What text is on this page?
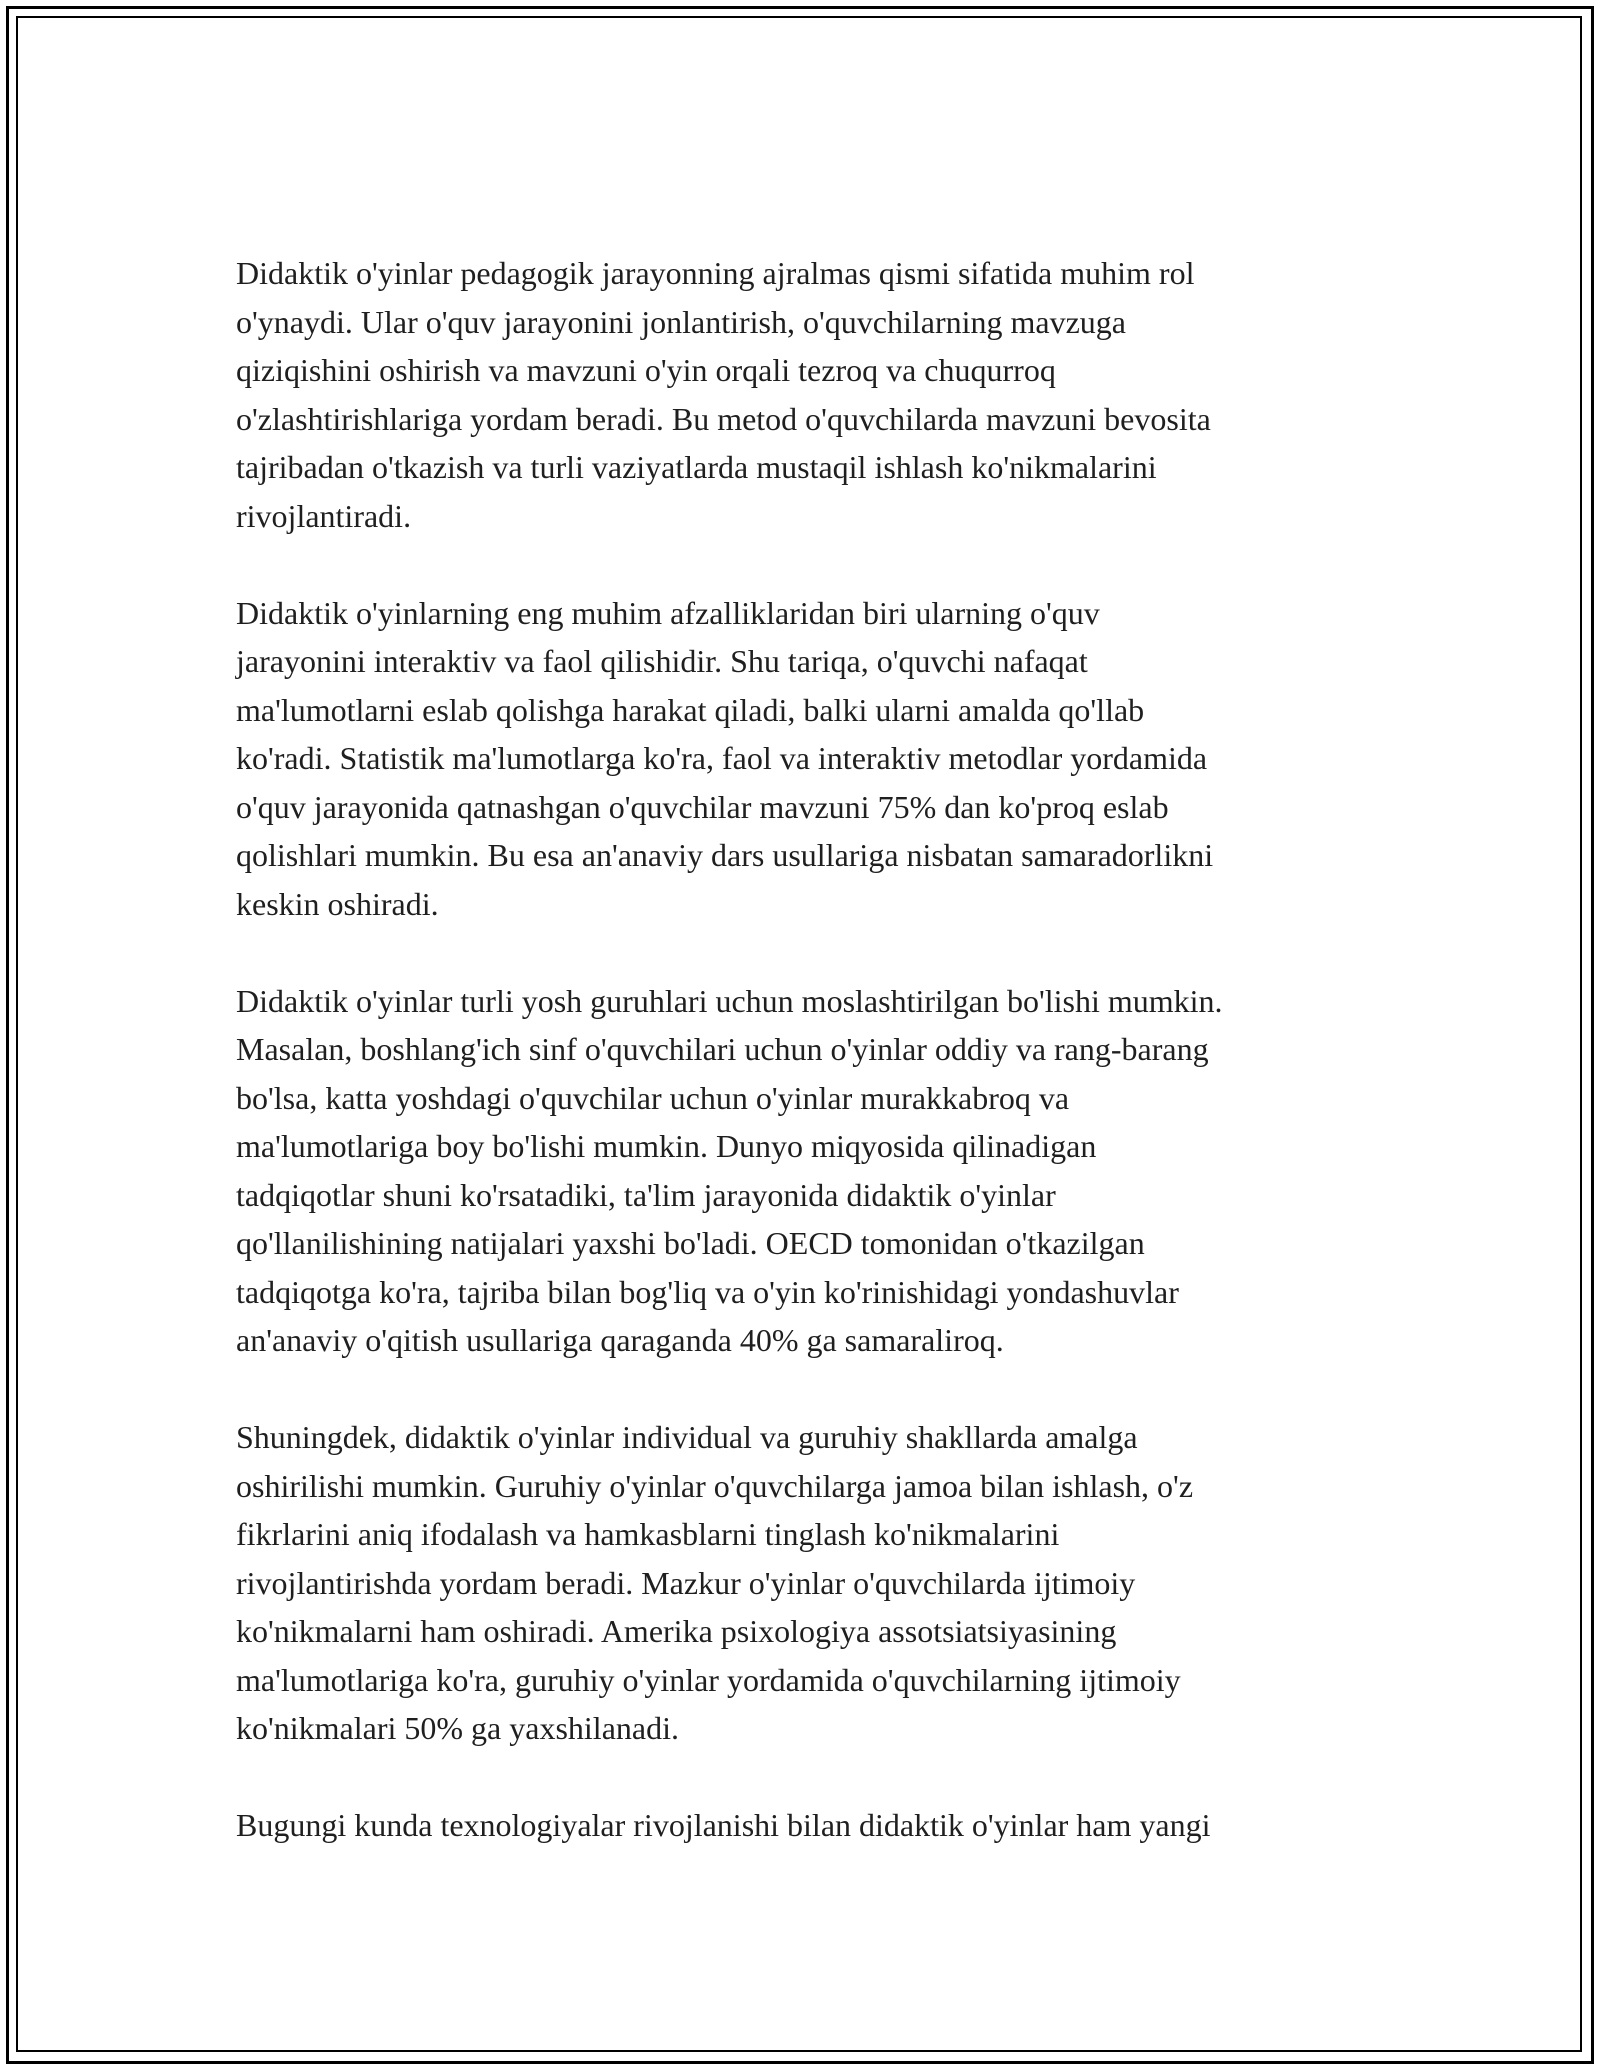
Didaktik o'yinlar pedagogik jarayonning ajralmas qismi sifatida muhim rol
o'ynaydi. Ular o'quv jarayonini jonlantirish, o'quvchilarning mavzuga
qiziqishini oshirish va mavzuni o'yin orqali tezroq va chuqurroq
o'zlashtirishlariga yordam beradi. Bu metod o'quvchilarda mavzuni bevosita
tajribadan o'tkazish va turli vaziyatlarda mustaqil ishlash ko'nikmalarini
rivojlantiradi.

Didaktik o'yinlarning eng muhim afzalliklaridan biri ularning o'quv
jarayonini interaktiv va faol qilishidir. Shu tariqa, o'quvchi nafaqat
ma'lumotlarni eslab qolishga harakat qiladi, balki ularni amalda qo'llab
ko'radi. Statistik ma'lumotlarga ko'ra, faol va interaktiv metodlar yordamida
o'quv jarayonida qatnashgan o'quvchilar mavzuni 75% dan ko'proq eslab
qolishlari mumkin. Bu esa an'anaviy dars usullariga nisbatan samaradorlikni
keskin oshiradi.

Didaktik o'yinlar turli yosh guruhlari uchun moslashtirilgan bo'lishi mumkin.
Masalan, boshlang'ich sinf o'quvchilari uchun o'yinlar oddiy va rang-barang
bo'lsa, katta yoshdagi o'quvchilar uchun o'yinlar murakkabroq va
ma'lumotlariga boy bo'lishi mumkin. Dunyo miqyosida qilinadigan
tadqiqotlar shuni ko'rsatadiki, ta'lim jarayonida didaktik o'yinlar
qo'llanilishining natijalari yaxshi bo'ladi. OECD tomonidan o'tkazilgan
tadqiqotga ko'ra, tajriba bilan bog'liq va o'yin ko'rinishidagi yondashuvlar
an'anaviy o'qitish usullariga qaraganda 40% ga samaraliroq.

Shuningdek, didaktik o'yinlar individual va guruhiy shakllarda amalga
oshirilishi mumkin. Guruhiy o'yinlar o'quvchilarga jamoa bilan ishlash, o'z
fikrlarini aniq ifodalash va hamkasblarni tinglash ko'nikmalarini
rivojlantirishda yordam beradi. Mazkur o'yinlar o'quvchilarda ijtimoiy
ko'nikmalarni ham oshiradi. Amerika psixologiya assotsiatsiyasining
ma'lumotlariga ko'ra, guruhiy o'yinlar yordamida o'quvchilarning ijtimoiy
ko'nikmalari 50% ga yaxshilanadi.

Bugungi kunda texnologiyalar rivojlanishi bilan didaktik o'yinlar ham yangi
